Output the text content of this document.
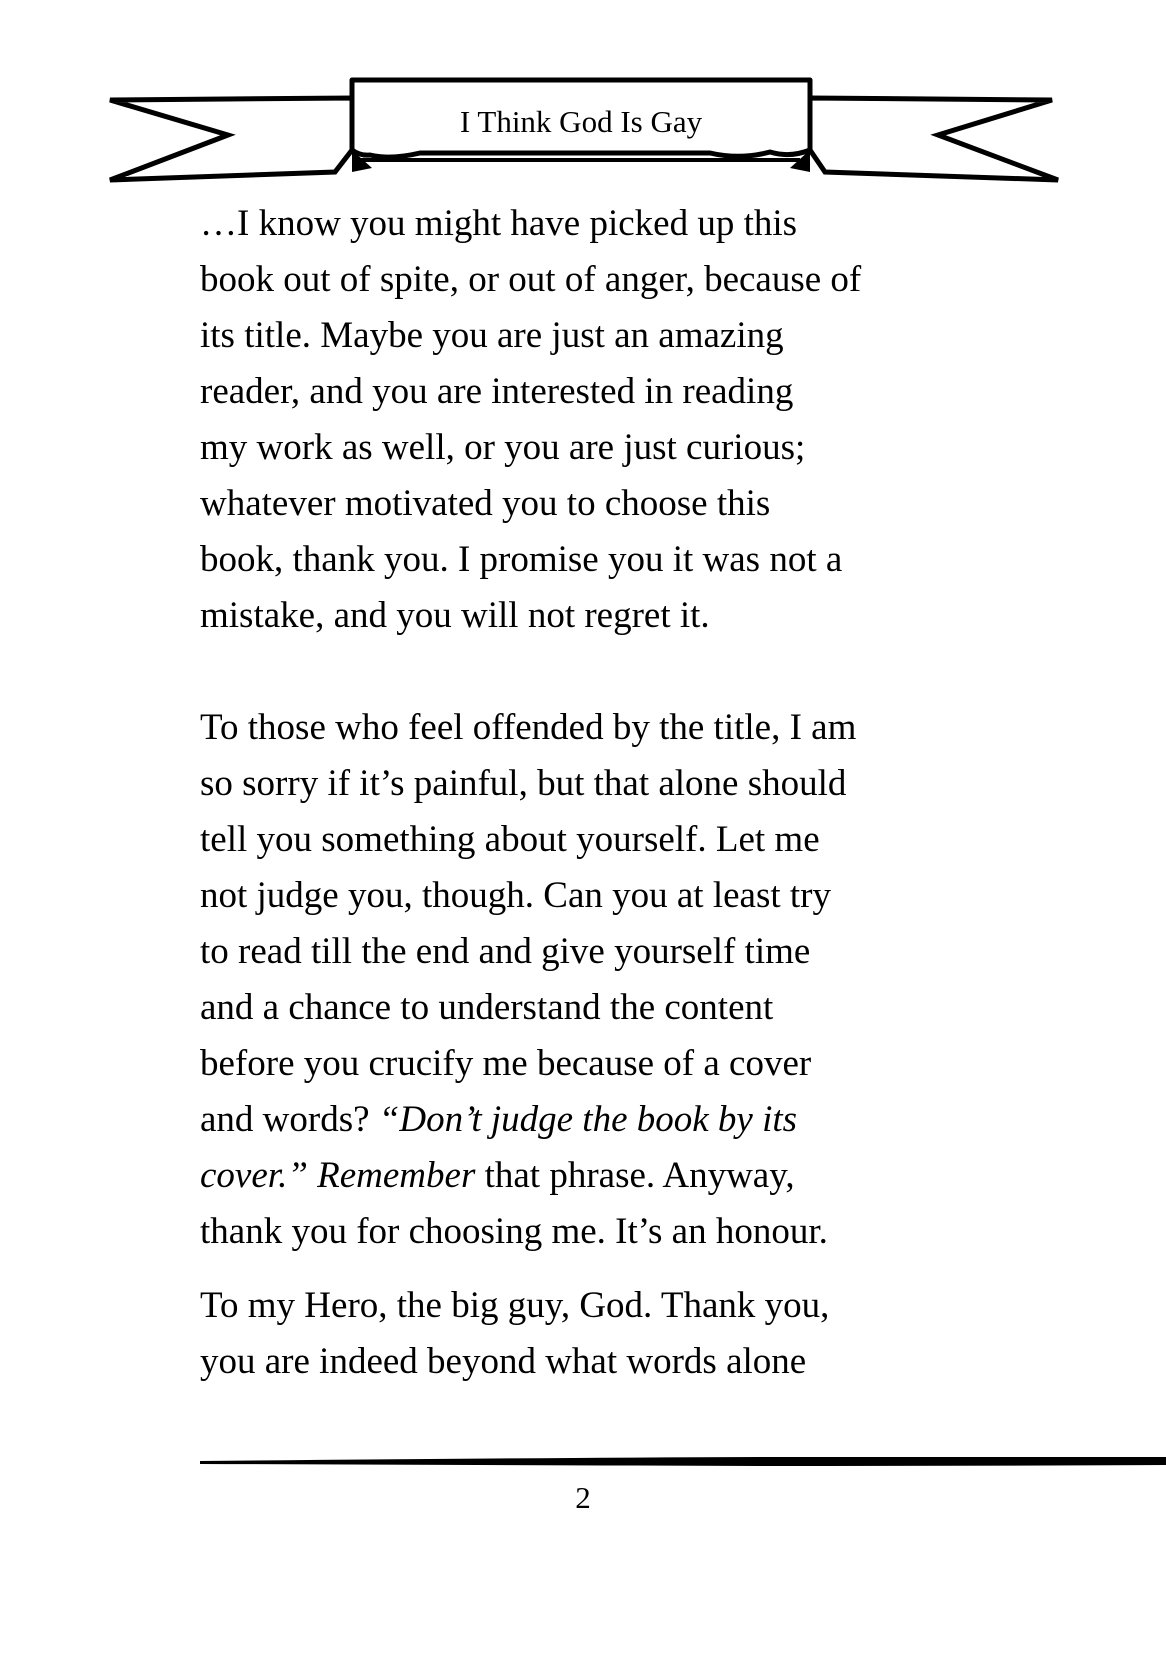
I Think God Is Gay

…I know you might have picked up this
book out of spite, or out of anger, because of
its title. Maybe you are just an amazing
reader, and you are interested in reading
my work as well, or you are just curious;
whatever motivated you to choose this
book, thank you. I promise you it was not a
mistake, and you will not regret it.

To those who feel offended by the title, I am
so sorry if it’s painful, but that alone should
tell you something about yourself. Let me
not judge you, though. Can you at least try
to read till the end and give yourself time
and a chance to understand the content
before you crucify me because of a cover
and words? “Don’t judge the book by its
cover.” Remember that phrase. Anyway,
thank you for choosing me. It’s an honour.

To my Hero, the big guy, God. Thank you,
you are indeed beyond what words alone

2
